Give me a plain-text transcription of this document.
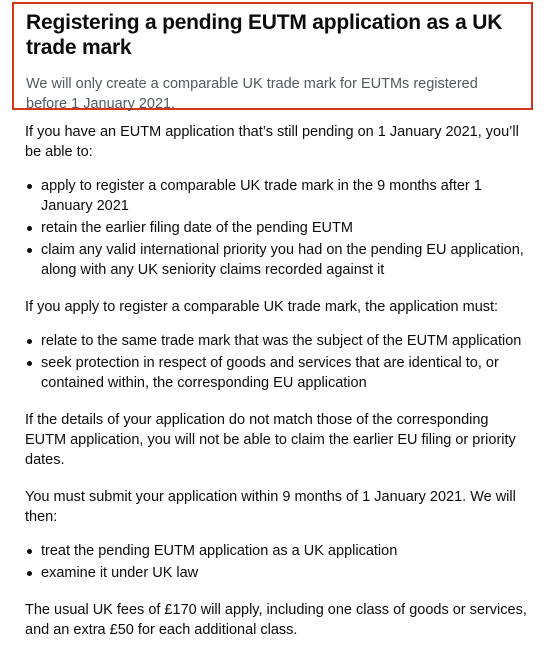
Registering a pending EUTM application as a UK trade mark

We will only create a comparable UK trade mark for EUTMs registered before 1 January 2021.

If you have an EUTM application that’s still pending on 1 January 2021, you’ll be able to:

apply to register a comparable UK trade mark in the 9 months after 1 January 2021
retain the earlier filing date of the pending EUTM
claim any valid international priority you had on the pending EU application, along with any UK seniority claims recorded against it

If you apply to register a comparable UK trade mark, the application must:

relate to the same trade mark that was the subject of the EUTM application
seek protection in respect of goods and services that are identical to, or contained within, the corresponding EU application

If the details of your application do not match those of the corresponding EUTM application, you will not be able to claim the earlier EU filing or priority dates.

You must submit your application within 9 months of 1 January 2021. We will then:

treat the pending EUTM application as a UK application
examine it under UK law

The usual UK fees of £170 will apply, including one class of goods or services, and an extra £50 for each additional class.
